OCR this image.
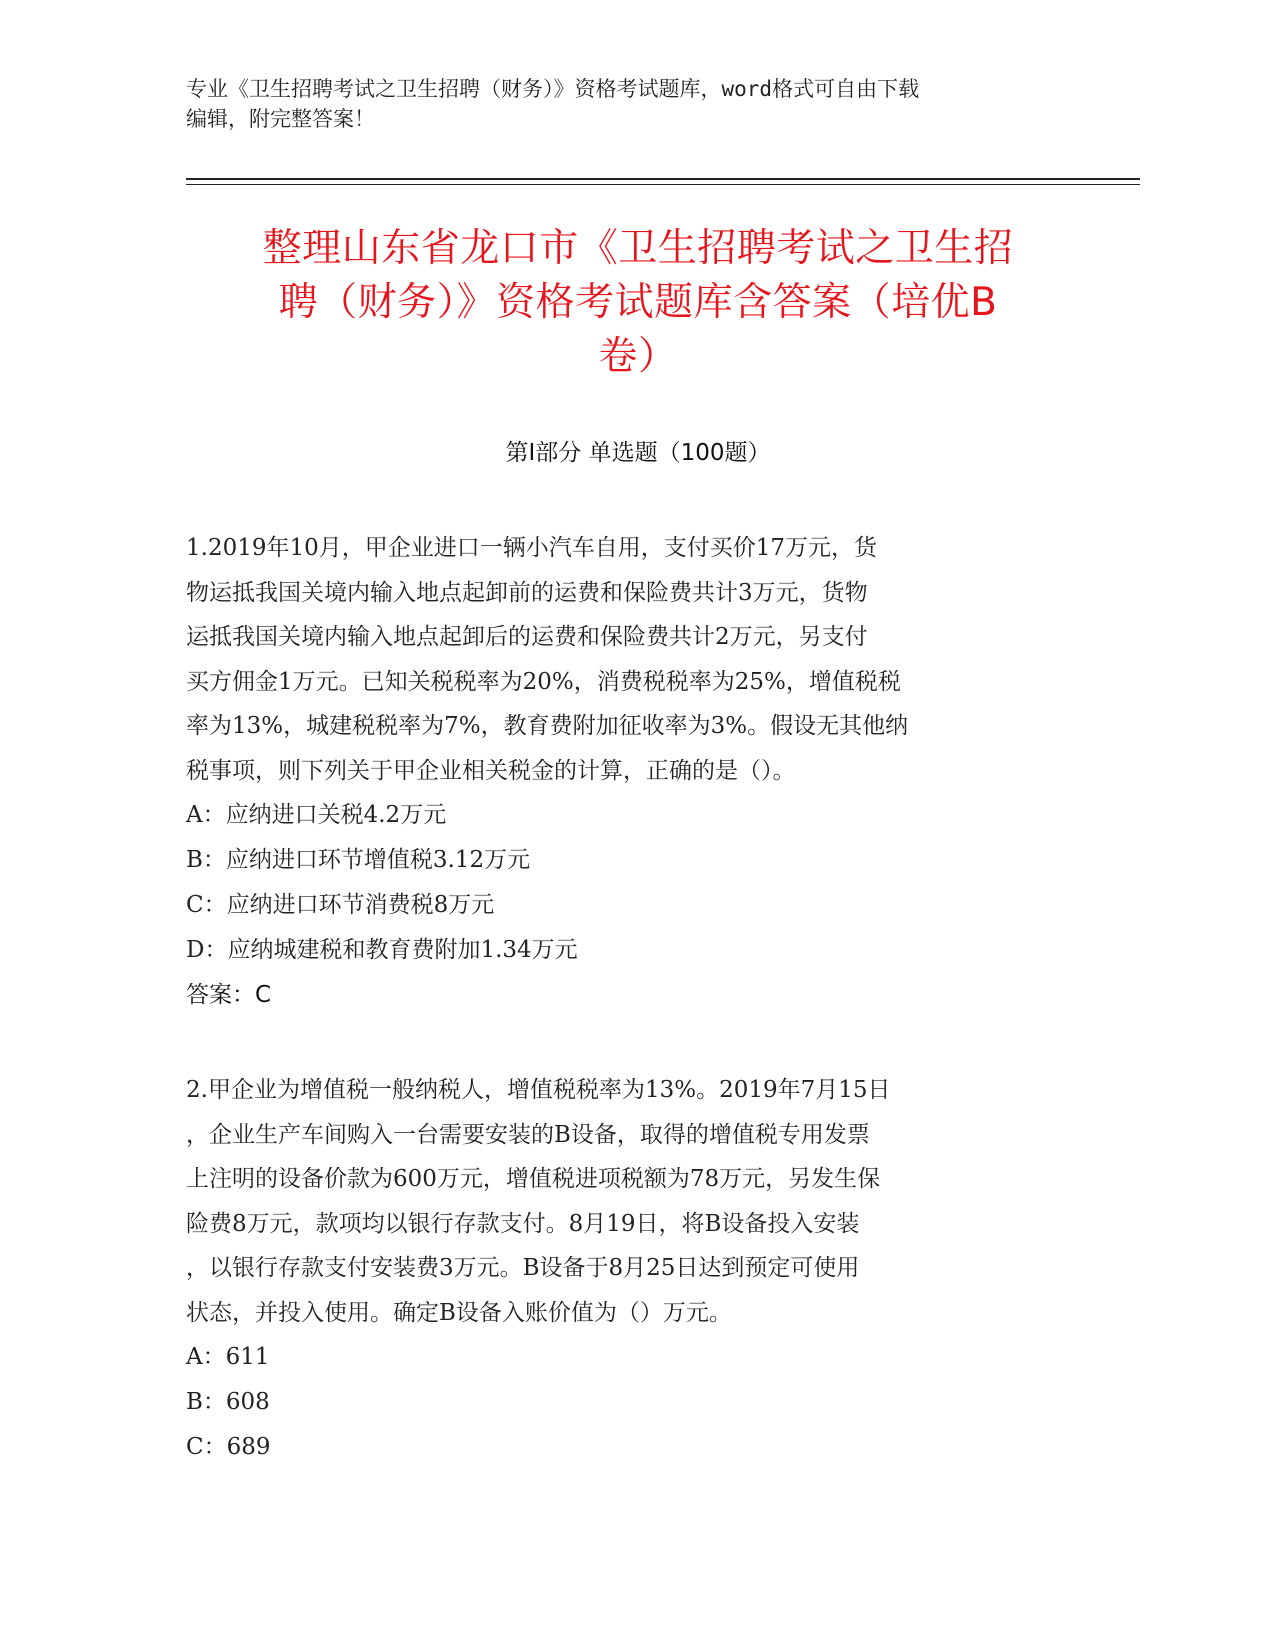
专业《卫生招聘考试之卫生招聘（财务）》资格考试题库，word格式可自由下载
编辑，附完整答案！
整理山东省龙口市《卫生招聘考试之卫生招
聘（财务）》资格考试题库含答案（培优B
卷）
第Ⅰ部分 单选题（100题）

1.2019年10月，甲企业进口一辆小汽车自用，支付买价17万元，货

物运抵我国关境内输入地点起卸前的运费和保险费共计3万元，货物

运抵我国关境内输入地点起卸后的运费和保险费共计2万元，另支付

买方佣金1万元。已知关税税率为20%，消费税税率为25%，增值税税

率为13%，城建税税率为7%，教育费附加征收率为3%。假设无其他纳

税事项，则下列关于甲企业相关税金的计算，正确的是（）。

A：应纳进口关税4.2万元

B：应纳进口环节增值税3.12万元

C：应纳进口环节消费税8万元

D：应纳城建税和教育费附加1.34万元

答案：C

2.甲企业为增值税一般纳税人，增值税税率为13%。2019年7月15日

，企业生产车间购入一台需要安装的B设备，取得的增值税专用发票

上注明的设备价款为600万元，增值税进项税额为78万元，另发生保

险费8万元，款项均以银行存款支付。8月19日，将B设备投入安装

，以银行存款支付安装费3万元。B设备于8月25日达到预定可使用

状态，并投入使用。确定B设备入账价值为（）万元。

A：611

B：608

C：689
